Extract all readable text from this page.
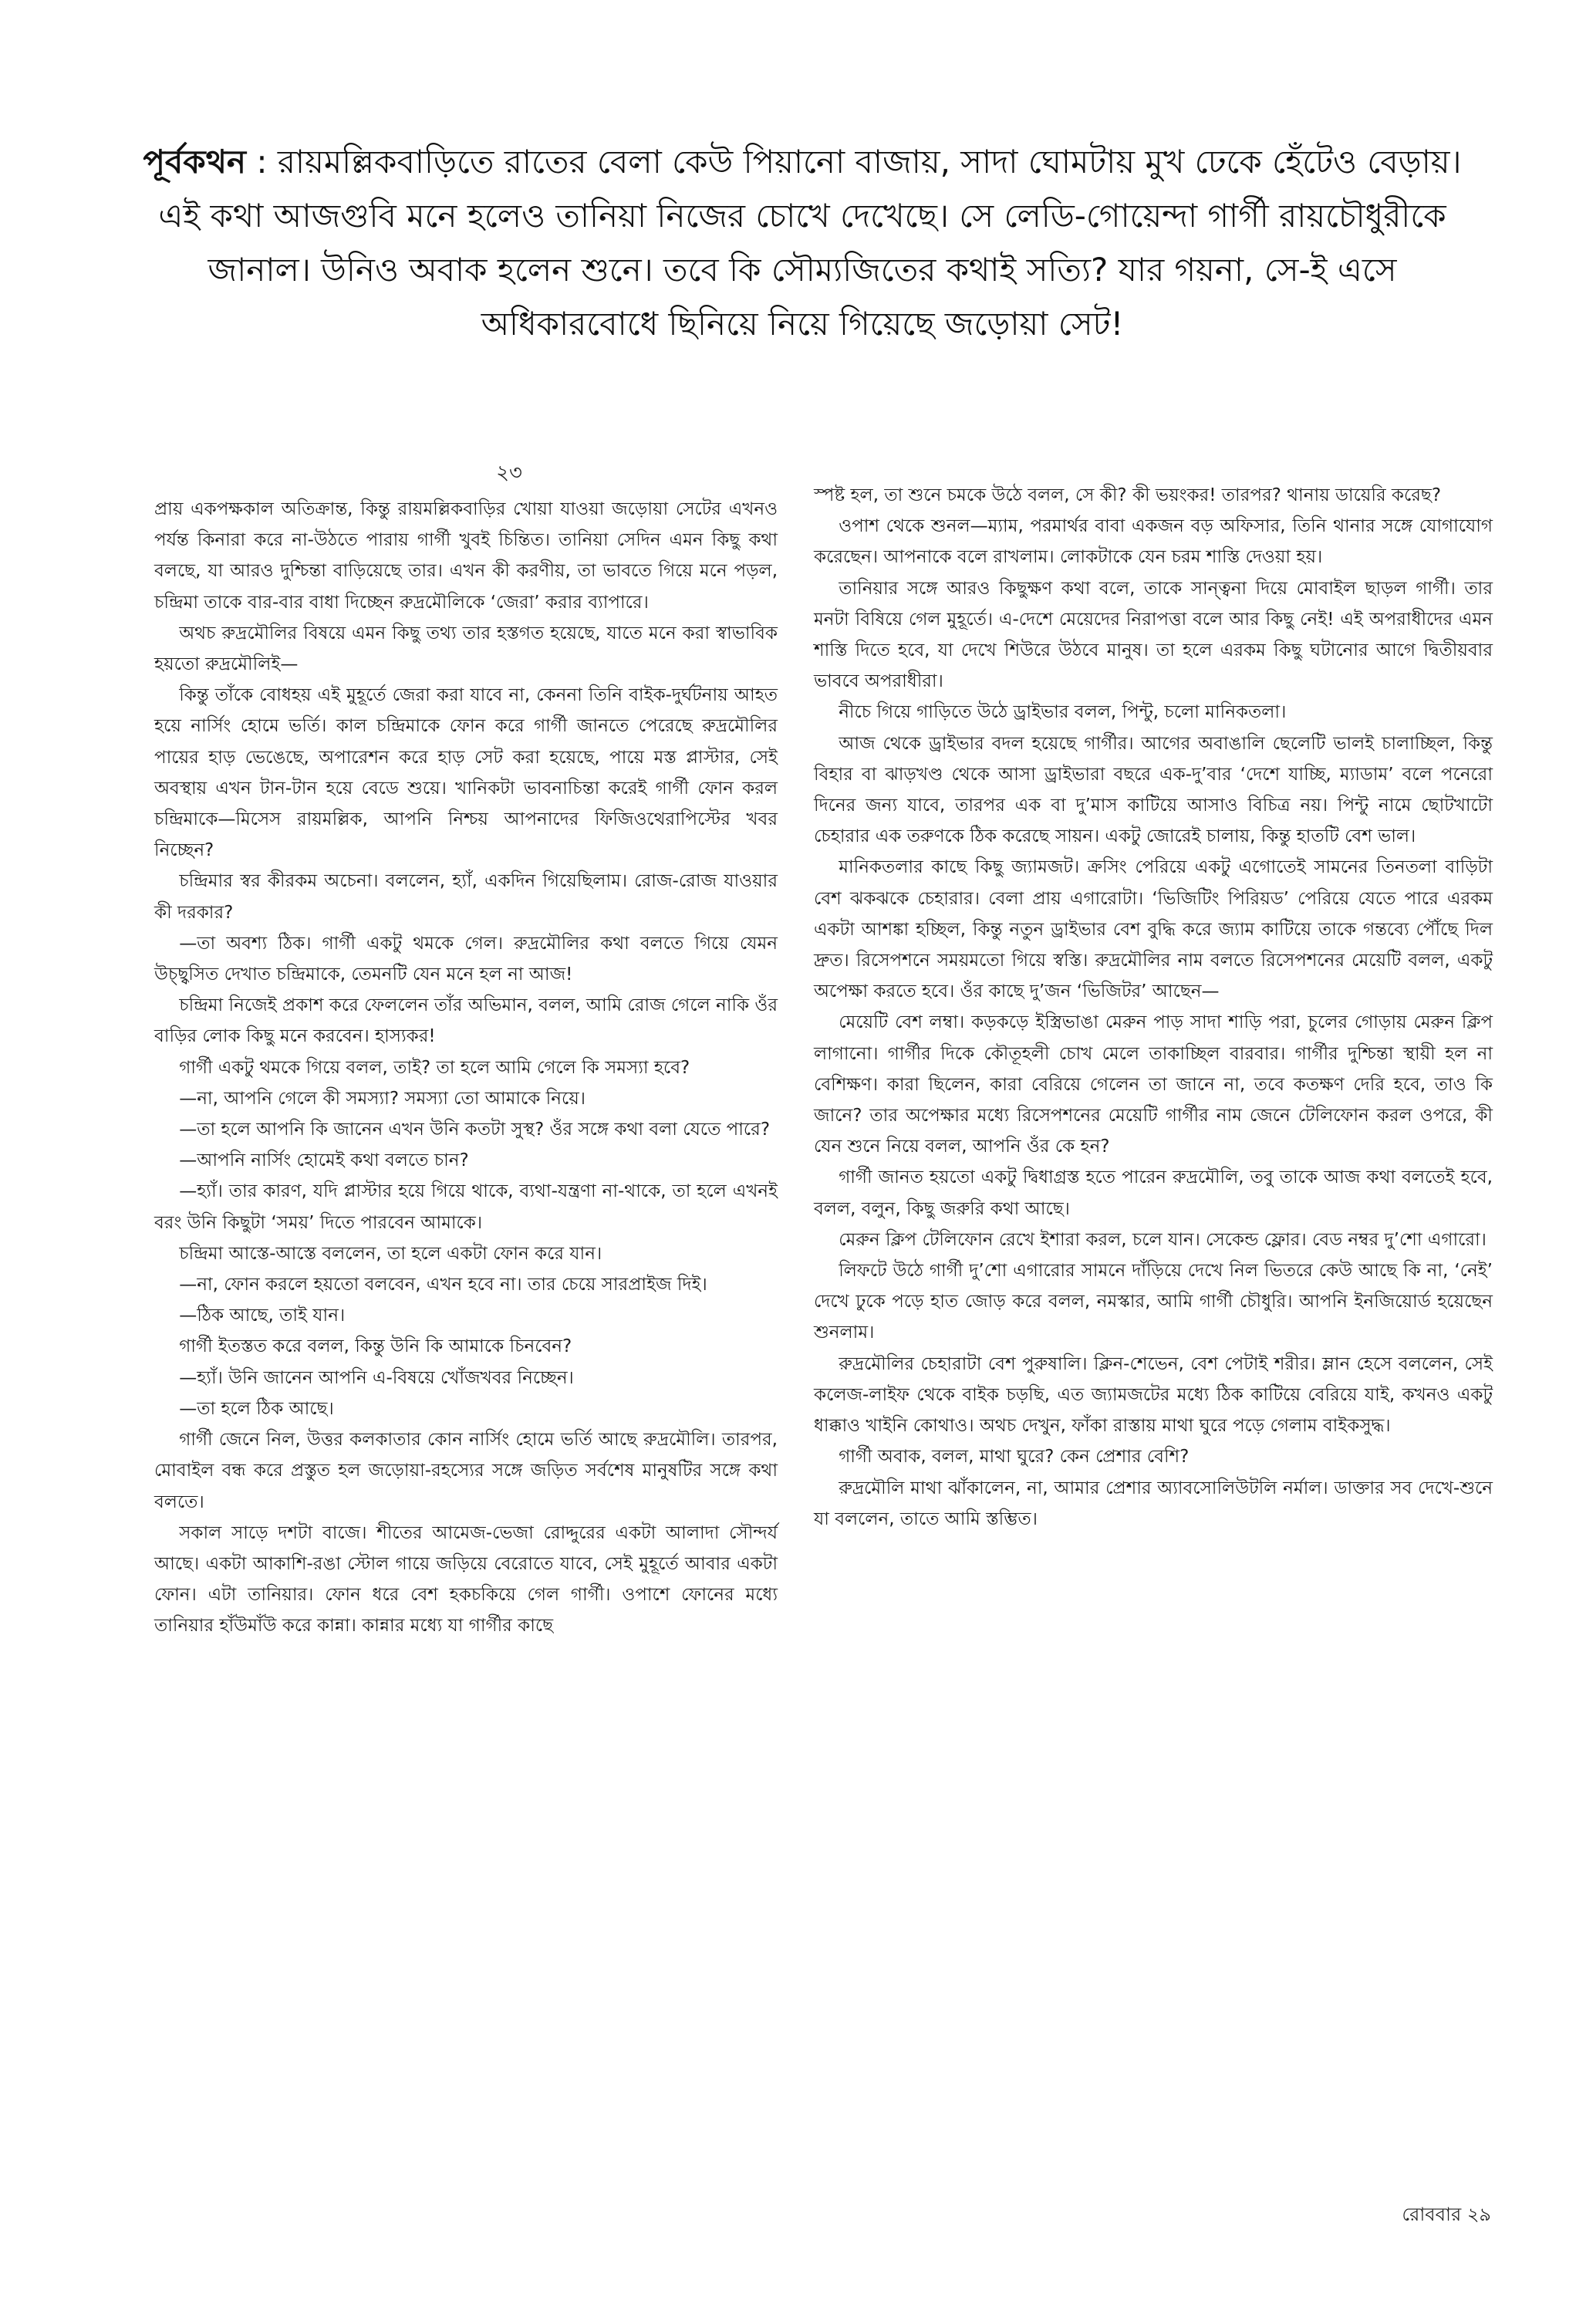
পূর্বকথন : রায়মল্লিকবাড়িতে রাতের বেলা কেউ পিয়ানো বাজায়, সাদা ঘোমটায় মুখ ঢেকে হেঁটেও বেড়ায়। এই কথা আজগুবি মনে হলেও তানিয়া নিজের চোখে দেখেছে। সে লেডি-গোয়েন্দা গার্গী রায়চৌধুরীকে জানাল। উনিও অবাক হলেন শুনে। তবে কি সৌম্যজিতের কথাই সত্যি? যার গয়না, সে-ই এসে অধিকারবোধে ছিনিয়ে নিয়ে গিয়েছে জড়োয়া সেট!
২৩

প্রায় একপক্ষকাল অতিক্রান্ত, কিন্তু রায়মল্লিকবাড়ির খোয়া যাওয়া জড়োয়া সেটের এখনও পর্যন্ত কিনারা করে না-উঠতে পারায় গার্গী খুবই চিন্তিত। তানিয়া সেদিন এমন কিছু কথা বলছে, যা আরও দুশ্চিন্তা বাড়িয়েছে তার। এখন কী করণীয়, তা ভাবতে গিয়ে মনে পড়ল, চন্দ্রিমা তাকে বার-বার বাধা দিচ্ছেন রুদ্রমৌলিকে ‘জেরা’ করার ব্যাপারে।

অথচ রুদ্রমৌলির বিষয়ে এমন কিছু তথ্য তার হস্তগত হয়েছে, যাতে মনে করা স্বাভাবিক হয়তো রুদ্রমৌলিই—

কিন্তু তাঁকে বোধহয় এই মুহূর্তে জেরা করা যাবে না, কেননা তিনি বাইক-দুর্ঘটনায় আহত হয়ে নার্সিং হোমে ভর্তি। কাল চন্দ্রিমাকে ফোন করে গার্গী জানতে পেরেছে রুদ্রমৌলির পায়ের হাড় ভেঙেছে, অপারেশন করে হাড় সেট করা হয়েছে, পায়ে মস্ত প্লাস্টার, সেই অবস্থায় এখন টান-টান হয়ে বেডে শুয়ে। খানিকটা ভাবনাচিন্তা করেই গার্গী ফোন করল চন্দ্রিমাকে—মিসেস রায়মল্লিক, আপনি নিশ্চয় আপনাদের ফিজিওথেরাপিস্টের খবর নিচ্ছেন?

চন্দ্রিমার স্বর কীরকম অচেনা। বললেন, হ্যাঁ, একদিন গিয়েছিলাম। রোজ-রোজ যাওয়ার কী দরকার?

—তা অবশ্য ঠিক। গার্গী একটু থমকে গেল। রুদ্রমৌলির কথা বলতে গিয়ে যেমন উচ্ছ্বসিত দেখাত চন্দ্রিমাকে, তেমনটি যেন মনে হল না আজ!

চন্দ্রিমা নিজেই প্রকাশ করে ফেললেন তাঁর অভিমান, বলল, আমি রোজ গেলে নাকি ওঁর বাড়ির লোক কিছু মনে করবেন। হাস্যকর!

গার্গী একটু থমকে গিয়ে বলল, তাই? তা হলে আমি গেলে কি সমস্যা হবে?

—না, আপনি গেলে কী সমস্যা? সমস্যা তো আমাকে নিয়ে।

—তা হলে আপনি কি জানেন এখন উনি কতটা সুস্থ? ওঁর সঙ্গে কথা বলা যেতে পারে?

—আপনি নার্সিং হোমেই কথা বলতে চান?

—হ্যাঁ। তার কারণ, যদি প্লাস্টার হয়ে গিয়ে থাকে, ব্যথা-যন্ত্রণা না-থাকে, তা হলে এখনই বরং উনি কিছুটা ‘সময়’ দিতে পারবেন আমাকে।

চন্দ্রিমা আস্তে-আস্তে বললেন, তা হলে একটা ফোন করে যান।

—না, ফোন করলে হয়তো বলবেন, এখন হবে না। তার চেয়ে সারপ্রাইজ দিই।

—ঠিক আছে, তাই যান।

গার্গী ইতস্তত করে বলল, কিন্তু উনি কি আমাকে চিনবেন?

—হ্যাঁ। উনি জানেন আপনি এ-বিষয়ে খোঁজখবর নিচ্ছেন।

—তা হলে ঠিক আছে।

গার্গী জেনে নিল, উত্তর কলকাতার কোন নার্সিং হোমে ভর্তি আছে রুদ্রমৌলি। তারপর, মোবাইল বন্ধ করে প্রস্তুত হল জড়োয়া-রহস্যের সঙ্গে জড়িত সর্বশেষ মানুষটির সঙ্গে কথা বলতে।

সকাল সাড়ে দশটা বাজে। শীতের আমেজ-ভেজা রোদ্দুরের একটা আলাদা সৌন্দর্য আছে। একটা আকাশি-রঙা স্টোল গায়ে জড়িয়ে বেরোতে যাবে, সেই মুহূর্তে আবার একটা ফোন। এটা তানিয়ার। ফোন ধরে বেশ হকচকিয়ে গেল গার্গী। ওপাশে ফোনের মধ্যে তানিয়ার হাঁউমাঁউ করে কান্না। কান্নার মধ্যে যা গার্গীর কাছে

স্পষ্ট হল, তা শুনে চমকে উঠে বলল, সে কী? কী ভয়ংকর! তারপর? থানায় ডায়েরি করেছ?

ওপাশ থেকে শুনল—ম্যাম, পরমার্থর বাবা একজন বড় অফিসার, তিনি থানার সঙ্গে যোগাযোগ করেছেন। আপনাকে বলে রাখলাম। লোকটাকে যেন চরম শাস্তি দেওয়া হয়।

তানিয়ার সঙ্গে আরও কিছুক্ষণ কথা বলে, তাকে সান্ত্বনা দিয়ে মোবাইল ছাড়ল গার্গী। তার মনটা বিষিয়ে গেল মুহূর্তে। এ-দেশে মেয়েদের নিরাপত্তা বলে আর কিছু নেই! এই অপরাধীদের এমন শাস্তি দিতে হবে, যা দেখে শিউরে উঠবে মানুষ। তা হলে এরকম কিছু ঘটানোর আগে দ্বিতীয়বার ভাববে অপরাধীরা।

নীচে গিয়ে গাড়িতে উঠে ড্রাইভার বলল, পিন্টু, চলো মানিকতলা।

আজ থেকে ড্রাইভার বদল হয়েছে গার্গীর। আগের অবাঙালি ছেলেটি ভালই চালাচ্ছিল, কিন্তু বিহার বা ঝাড়খণ্ড থেকে আসা ড্রাইভারা বছরে এক-দু’বার ‘দেশে যাচ্ছি, ম্যাডাম’ বলে পনেরো দিনের জন্য যাবে, তারপর এক বা দু’মাস কাটিয়ে আসাও বিচিত্র নয়। পিন্টু নামে ছোটখাটো চেহারার এক তরুণকে ঠিক করেছে সায়ন। একটু জোরেই চালায়, কিন্তু হাতটি বেশ ভাল।

মানিকতলার কাছে কিছু জ্যামজট। ক্রসিং পেরিয়ে একটু এগোতেই সামনের তিনতলা বাড়িটা বেশ ঝকঝকে চেহারার। বেলা প্রায় এগারোটা। ‘ভিজিটিং পিরিয়ড’ পেরিয়ে যেতে পারে এরকম একটা আশঙ্কা হচ্ছিল, কিন্তু নতুন ড্রাইভার বেশ বুদ্ধি করে জ্যাম কাটিয়ে তাকে গন্তব্যে পৌঁছে দিল দ্রুত। রিসেপশনে সময়মতো গিয়ে স্বস্তি। রুদ্রমৌলির নাম বলতে রিসেপশনের মেয়েটি বলল, একটু অপেক্ষা করতে হবে। ওঁর কাছে দু’জন ‘ভিজিটর’ আছেন—

মেয়েটি বেশ লম্বা। কড়কড়ে ইস্ত্রিভাঙা মেরুন পাড় সাদা শাড়ি পরা, চুলের গোড়ায় মেরুন ক্লিপ লাগানো। গার্গীর দিকে কৌতূহলী চোখ মেলে তাকাচ্ছিল বারবার। গার্গীর দুশ্চিন্তা স্থায়ী হল না বেশিক্ষণ। কারা ছিলেন, কারা বেরিয়ে গেলেন তা জানে না, তবে কতক্ষণ দেরি হবে, তাও কি জানে? তার অপেক্ষার মধ্যে রিসেপশনের মেয়েটি গার্গীর নাম জেনে টেলিফোন করল ওপরে, কী যেন শুনে নিয়ে বলল, আপনি ওঁর কে হন?

গার্গী জানত হয়তো একটু দ্বিধাগ্রস্ত হতে পারেন রুদ্রমৌলি, তবু তাকে আজ কথা বলতেই হবে, বলল, বলুন, কিছু জরুরি কথা আছে।

মেরুন ক্লিপ টেলিফোন রেখে ইশারা করল, চলে যান। সেকেন্ড ফ্লোর। বেড নম্বর দু’শো এগারো।

লিফটে উঠে গার্গী দু’শো এগারোর সামনে দাঁড়িয়ে দেখে নিল ভিতরে কেউ আছে কি না, ‘নেই’ দেখে ঢুকে পড়ে হাত জোড় করে বলল, নমস্কার, আমি গার্গী চৌধুরি। আপনি ইনজিয়োর্ড হয়েছেন শুনলাম।

রুদ্রমৌলির চেহারাটা বেশ পুরুষালি। ক্লিন-শেভেন, বেশ পেটাই শরীর। ম্লান হেসে বললেন, সেই কলেজ-লাইফ থেকে বাইক চড়ছি, এত জ্যামজটের মধ্যে ঠিক কাটিয়ে বেরিয়ে যাই, কখনও একটু ধাক্কাও খাইনি কোথাও। অথচ দেখুন, ফাঁকা রাস্তায় মাথা ঘুরে পড়ে গেলাম বাইকসুদ্ধ।

গার্গী অবাক, বলল, মাথা ঘুরে? কেন প্রেশার বেশি?

রুদ্রমৌলি মাথা ঝাঁকালেন, না, আমার প্রেশার অ্যাবসোলিউটলি নর্মাল। ডাক্তার সব দেখে-শুনে যা বললেন, তাতে আমি স্তম্ভিত।

রোববার ২৯
